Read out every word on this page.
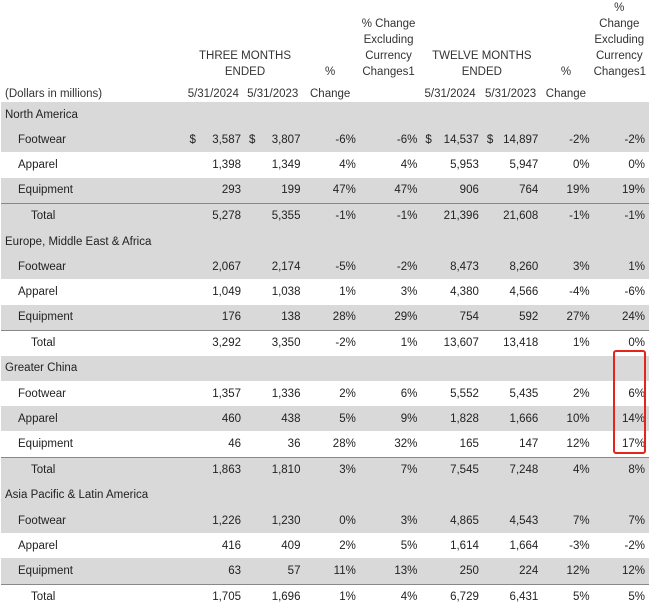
	THREE MONTHS ENDED		%	% Change Excluding Currency Changes1	TWELVE MONTHS ENDED		%	% Change Excluding Currency Changes1
(Dollars in millions)	5/31/2024	5/31/2023	Change		5/31/2024	5/31/2023	Change	
North America								
Footwear	$ 3,587	$ 3,807	-6%	-6%	$ 14,537	$ 14,897	-2%	-2%
Apparel	1,398	1,349	4%	4%	5,953	5,947	0%	0%
Equipment	293	199	47%	47%	906	764	19%	19%
Total	5,278	5,355	-1%	-1%	21,396	21,608	-1%	-1%
Europe, Middle East & Africa								
Footwear	2,067	2,174	-5%	-2%	8,473	8,260	3%	1%
Apparel	1,049	1,038	1%	3%	4,380	4,566	-4%	-6%
Equipment	176	138	28%	29%	754	592	27%	24%
Total	3,292	3,350	-2%	1%	13,607	13,418	1%	0%
Greater China								
Footwear	1,357	1,336	2%	6%	5,552	5,435	2%	6%
Apparel	460	438	5%	9%	1,828	1,666	10%	14%
Equipment	46	36	28%	32%	165	147	12%	17%
Total	1,863	1,810	3%	7%	7,545	7,248	4%	8%
Asia Pacific & Latin America								
Footwear	1,226	1,230	0%	3%	4,865	4,543	7%	7%
Apparel	416	409	2%	5%	1,614	1,664	-3%	-2%
Equipment	63	57	11%	13%	250	224	12%	12%
Total	1,705	1,696	1%	4%	6,729	6,431	5%	5%
